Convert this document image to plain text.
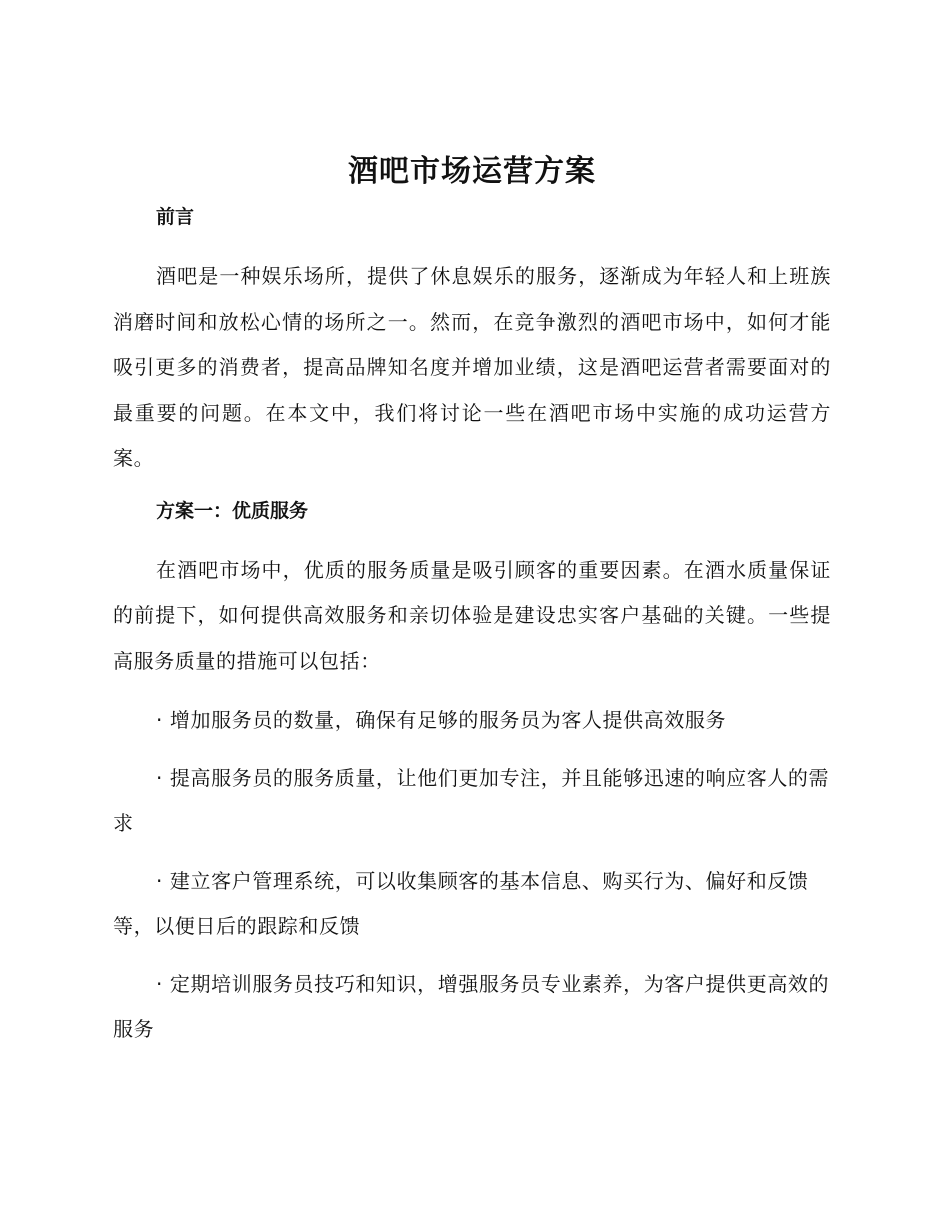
酒吧市场运营方案
前言

酒吧是一种娱乐场所，提供了休息娱乐的服务，逐渐成为年轻人和上班族消磨时间和放松心情的场所之一。然而，在竞争激烈的酒吧市场中，如何才能吸引更多的消费者，提高品牌知名度并增加业绩，这是酒吧运营者需要面对的最重要的问题。在本文中，我们将讨论一些在酒吧市场中实施的成功运营方案。

方案一：优质服务

在酒吧市场中，优质的服务质量是吸引顾客的重要因素。在酒水质量保证的前提下，如何提供高效服务和亲切体验是建设忠实客户基础的关键。一些提高服务质量的措施可以包括：

· 增加服务员的数量，确保有足够的服务员为客人提供高效服务

· 提高服务员的服务质量，让他们更加专注，并且能够迅速的响应客人的需求

· 建立客户管理系统，可以收集顾客的基本信息、购买行为、偏好和反馈等，以便日后的跟踪和反馈

· 定期培训服务员技巧和知识，增强服务员专业素养，为客户提供更高效的服务
